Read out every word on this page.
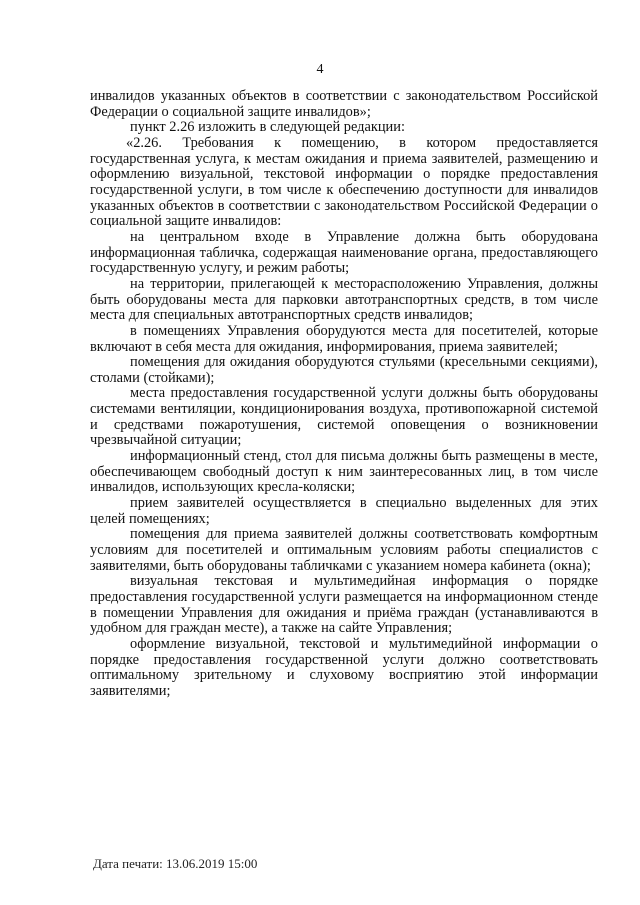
4

инвалидов указанных объектов в соответствии с законодательством Российской Федерации о социальной защите инвалидов»;

пункт 2.26 изложить в следующей редакции:

«2.26. Требования к помещению, в котором предоставляется государственная услуга, к местам ожидания и приема заявителей, размещению и оформлению визуальной, текстовой информации о порядке предоставления государственной услуги, в том числе к обеспечению доступности для инвалидов указанных объектов в соответствии с законодательством Российской Федерации о социальной защите инвалидов:

на центральном входе в Управление должна быть оборудована информационная табличка, содержащая наименование органа, предоставляющего государственную услугу, и режим работы;

на территории, прилегающей к месторасположению Управления, должны быть оборудованы места для парковки автотранспортных средств, в том числе места для специальных автотранспортных средств инвалидов;

в помещениях Управления оборудуются места для посетителей, которые включают в себя места для ожидания, информирования, приема заявителей;

помещения для ожидания оборудуются стульями (кресельными секциями), столами (стойками);

места предоставления государственной услуги должны быть оборудованы системами вентиляции, кондиционирования воздуха, противопожарной системой и средствами пожаротушения, системой оповещения о возникновении чрезвычайной ситуации;

информационный стенд, стол для письма должны быть размещены в месте, обеспечивающем свободный доступ к ним заинтересованных лиц, в том числе инвалидов, использующих кресла-коляски;

прием заявителей осуществляется в специально выделенных для этих целей помещениях;

помещения для приема заявителей должны соответствовать комфортным условиям для посетителей и оптимальным условиям работы специалистов с заявителями, быть оборудованы табличками с указанием номера кабинета (окна);

визуальная текстовая и мультимедийная информация о порядке предоставления государственной услуги размещается на информационном стенде в помещении Управления для ожидания и приёма граждан (устанавливаются в удобном для граждан месте), а также на сайте Управления;

оформление визуальной, текстовой и мультимедийной информации о порядке предоставления государственной услуги должно соответствовать оптимальному зрительному и слуховому восприятию этой информации заявителями;

Дата печати: 13.06.2019 15:00
